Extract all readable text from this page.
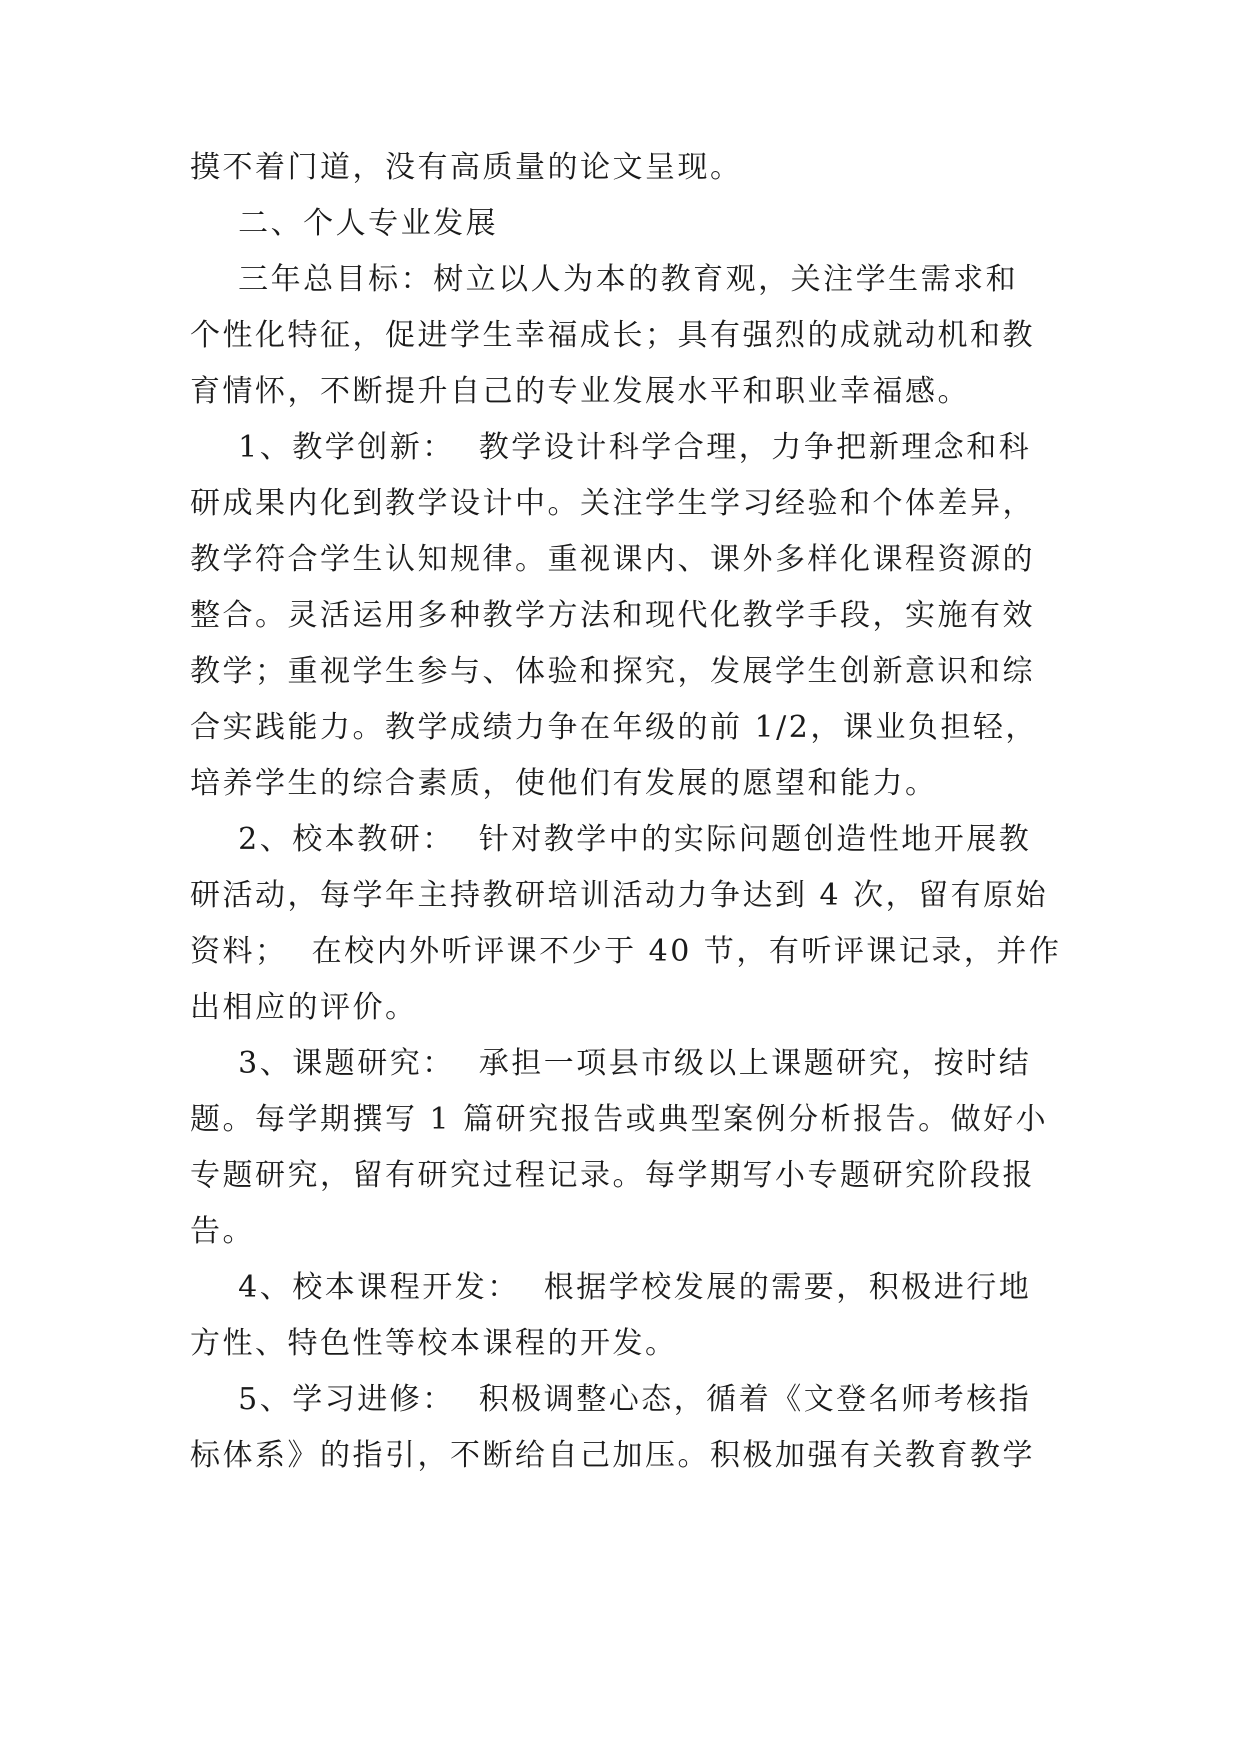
摸不着门道，没有高质量的论文呈现。

二、个人专业发展

三年总目标：树立以人为本的教育观，关注学生需求和

个性化特征，促进学生幸福成长；具有强烈的成就动机和教

育情怀，不断提升自己的专业发展水平和职业幸福感。

1、教学创新：  教学设计科学合理，力争把新理念和科

研成果内化到教学设计中。关注学生学习经验和个体差异，

教学符合学生认知规律。重视课内、课外多样化课程资源的

整合。灵活运用多种教学方法和现代化教学手段，实施有效

教学；重视学生参与、体验和探究，发展学生创新意识和综

合实践能力。教学成绩力争在年级的前 1/2，课业负担轻，

培养学生的综合素质，使他们有发展的愿望和能力。

2、校本教研：  针对教学中的实际问题创造性地开展教

研活动，每学年主持教研培训活动力争达到 4 次，留有原始

资料；  在校内外听评课不少于 40 节，有听评课记录，并作

出相应的评价。

3、课题研究：  承担一项县市级以上课题研究，按时结

题。每学期撰写 1 篇研究报告或典型案例分析报告。做好小

专题研究，留有研究过程记录。每学期写小专题研究阶段报

告。

4、校本课程开发：  根据学校发展的需要，积极进行地

方性、特色性等校本课程的开发。

5、学习进修：  积极调整心态，循着《文登名师考核指

标体系》的指引，不断给自己加压。积极加强有关教育教学
